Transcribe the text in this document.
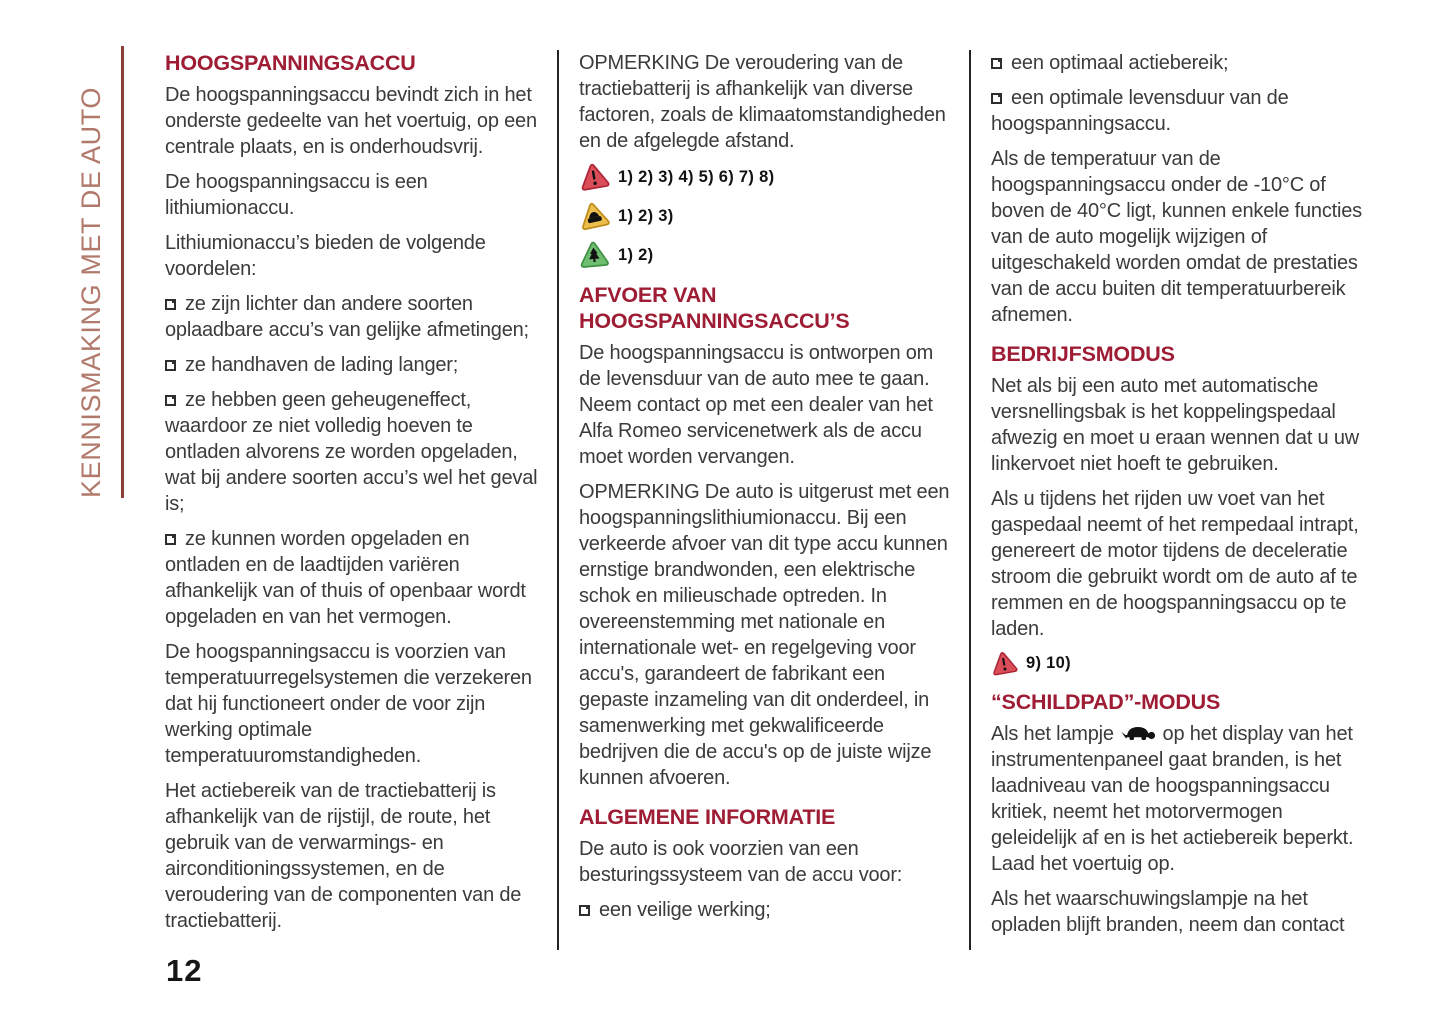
KENNISMAKING MET DE AUTO
HOOGSPANNINGSACCU

De hoogspanningsaccu bevindt zich in het onderste gedeelte van het voertuig, op een centrale plaats, en is onderhoudsvrij.

De hoogspanningsaccu is een lithiumionaccu.

Lithiumionaccu’s bieden de volgende voordelen:

ze zijn lichter dan andere soorten oplaadbare accu’s van gelijke afmetingen;

ze handhaven de lading langer;

ze hebben geen geheugeneffect, waardoor ze niet volledig hoeven te ontladen alvorens ze worden opgeladen, wat bij andere soorten accu’s wel het geval is;

ze kunnen worden opgeladen en ontladen en de laadtijden variëren afhankelijk van of thuis of openbaar wordt opgeladen en van het vermogen.

De hoogspanningsaccu is voorzien van temperatuurregelsystemen die verzekeren dat hij functioneert onder de voor zijn werking optimale temperatuuromstandigheden.

Het actiebereik van de tractiebatterij is afhankelijk van de rijstijl, de route, het gebruik van de verwarmings- en airconditioningssystemen, en de veroudering van de componenten van de tractiebatterij.

OPMERKING De veroudering van de tractiebatterij is afhankelijk van diverse factoren, zoals de klimaatomstandigheden en de afgelegde afstand.

1) 2) 3) 4) 5) 6) 7) 8)
1) 2) 3)
1) 2)
AFVOER VAN HOOGSPANNINGSACCU’S

De hoogspanningsaccu is ontworpen om de levensduur van de auto mee te gaan. Neem contact op met een dealer van het Alfa Romeo servicenetwerk als de accu moet worden vervangen.

OPMERKING De auto is uitgerust met een hoogspanningslithiumionaccu. Bij een verkeerde afvoer van dit type accu kunnen ernstige brandwonden, een elektrische schok en milieuschade optreden. In overeenstemming met nationale en internationale wet- en regelgeving voor accu's, garandeert de fabrikant een gepaste inzameling van dit onderdeel, in samenwerking met gekwalificeerde bedrijven die de accu's op de juiste wijze kunnen afvoeren.

ALGEMENE INFORMATIE

De auto is ook voorzien van een besturingssysteem van de accu voor:

een veilige werking;

een optimaal actiebereik;

een optimale levensduur van de hoogspanningsaccu.

Als de temperatuur van de hoogspanningsaccu onder de -10°C of boven de 40°C ligt, kunnen enkele functies van de auto mogelijk wijzigen of uitgeschakeld worden omdat de prestaties van de accu buiten dit temperatuurbereik afnemen.

BEDRIJFSMODUS

Net als bij een auto met automatische versnellingsbak is het koppelingspedaal afwezig en moet u eraan wennen dat u uw linkervoet niet hoeft te gebruiken.

Als u tijdens het rijden uw voet van het gaspedaal neemt of het rempedaal intrapt, genereert de motor tijdens de deceleratie stroom die gebruikt wordt om de auto af te remmen en de hoogspanningsaccu op te laden.

9) 10)
“SCHILDPAD”-MODUS

Als het lampje op het display van het instrumentenpaneel gaat branden, is het laadniveau van de hoogspanningsaccu kritiek, neemt het motorvermogen geleidelijk af en is het actiebereik beperkt. Laad het voertuig op.

Als het waarschuwingslampje na het opladen blijft branden, neem dan contact

12
